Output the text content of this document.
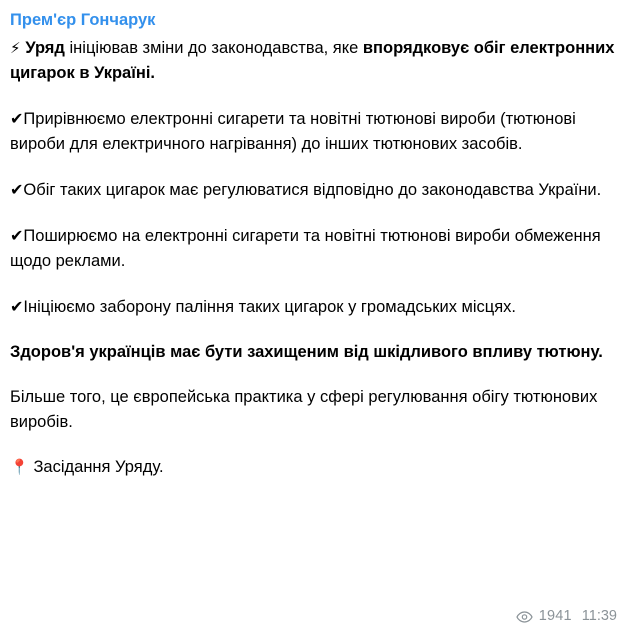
Прем'єр Гончарук
⚡ Уряд ініціював зміни до законодавства, яке впорядковує обіг електронних цигарок в Україні.
✔Прирівнюємо електронні сигарети та новітні тютюнові вироби (тютюнові вироби для електричного нагрівання) до інших тютюнових засобів.
✔Обіг таких цигарок має регулюватися відповідно до законодавства України.
✔Поширюємо на електронні сигарети та новітні тютюнові вироби обмеження щодо реклами.
✔Ініціюємо заборону паління таких цигарок у громадських місцях.
Здоров'я українців має бути захищеним від шкідливого впливу тютюну.
Більше того, це європейська практика у сфері регулювання обігу тютюнових виробів.
📍 Засідання Уряду.
1941 11:39
